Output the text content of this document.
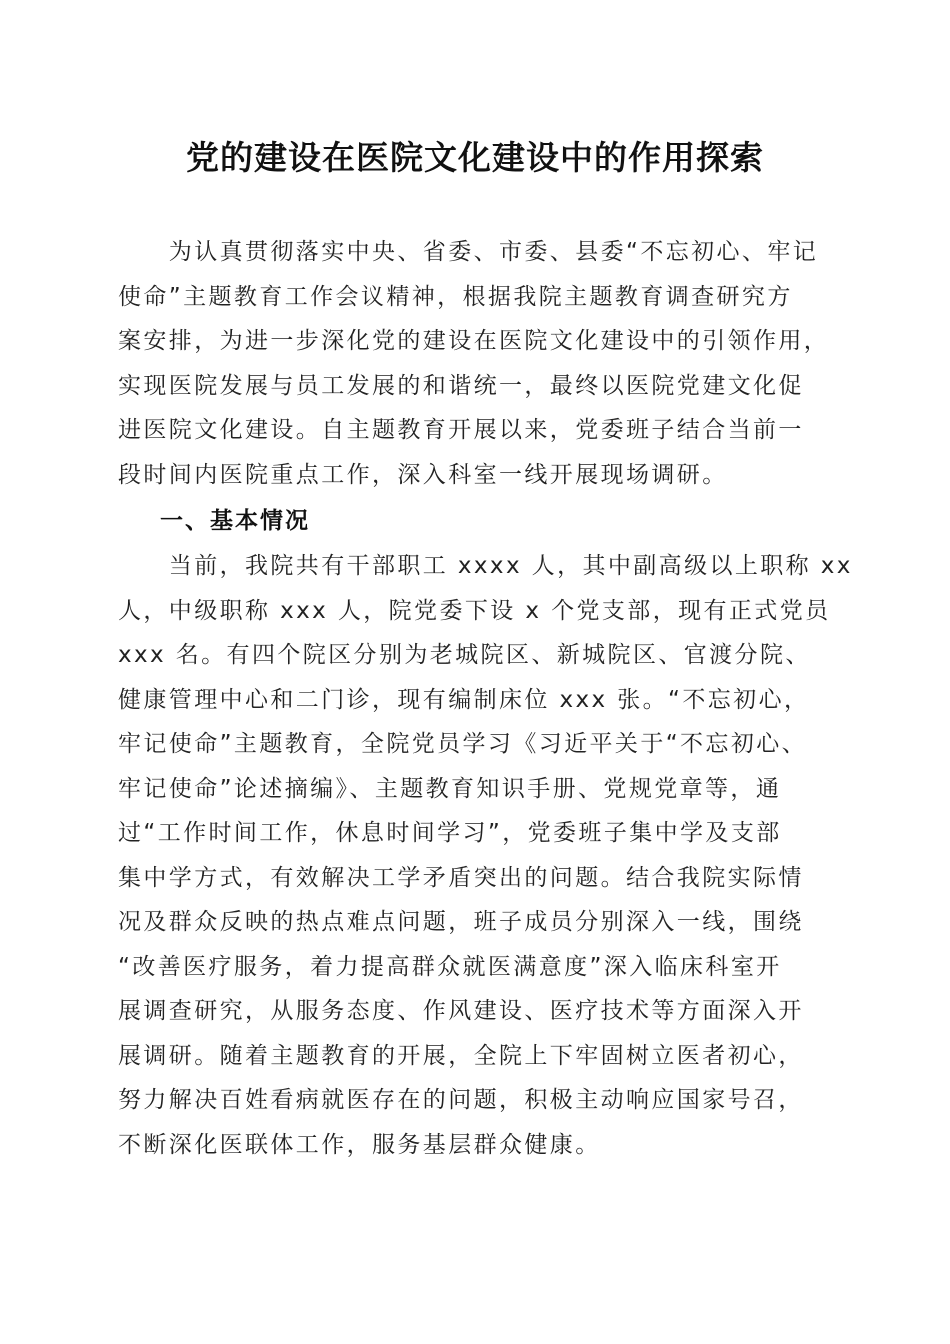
党的建设在医院文化建设中的作用探索
　　为认真贯彻落实中央、省委、市委、县委“不忘初心、牢记
使命”主题教育工作会议精神，根据我院主题教育调查研究方
案安排，为进一步深化党的建设在医院文化建设中的引领作用，
实现医院发展与员工发展的和谐统一，最终以医院党建文化促
进医院文化建设。自主题教育开展以来，党委班子结合当前一
段时间内医院重点工作，深入科室一线开展现场调研。
一、基本情况
　　当前，我院共有干部职工 xxxx 人，其中副高级以上职称 xx
人，中级职称 xxx 人，院党委下设 x 个党支部，现有正式党员
xxx 名。有四个院区分别为老城院区、新城院区、官渡分院、
健康管理中心和二门诊，现有编制床位 xxx 张。“不忘初心，
牢记使命”主题教育，全院党员学习《习近平关于“不忘初心、
牢记使命”论述摘编》、主题教育知识手册、党规党章等，通
过“工作时间工作，休息时间学习”，党委班子集中学及支部
集中学方式，有效解决工学矛盾突出的问题。结合我院实际情
况及群众反映的热点难点问题，班子成员分别深入一线，围绕
“改善医疗服务，着力提高群众就医满意度”深入临床科室开
展调查研究，从服务态度、作风建设、医疗技术等方面深入开
展调研。随着主题教育的开展，全院上下牢固树立医者初心，
努力解决百姓看病就医存在的问题，积极主动响应国家号召，
不断深化医联体工作，服务基层群众健康。
